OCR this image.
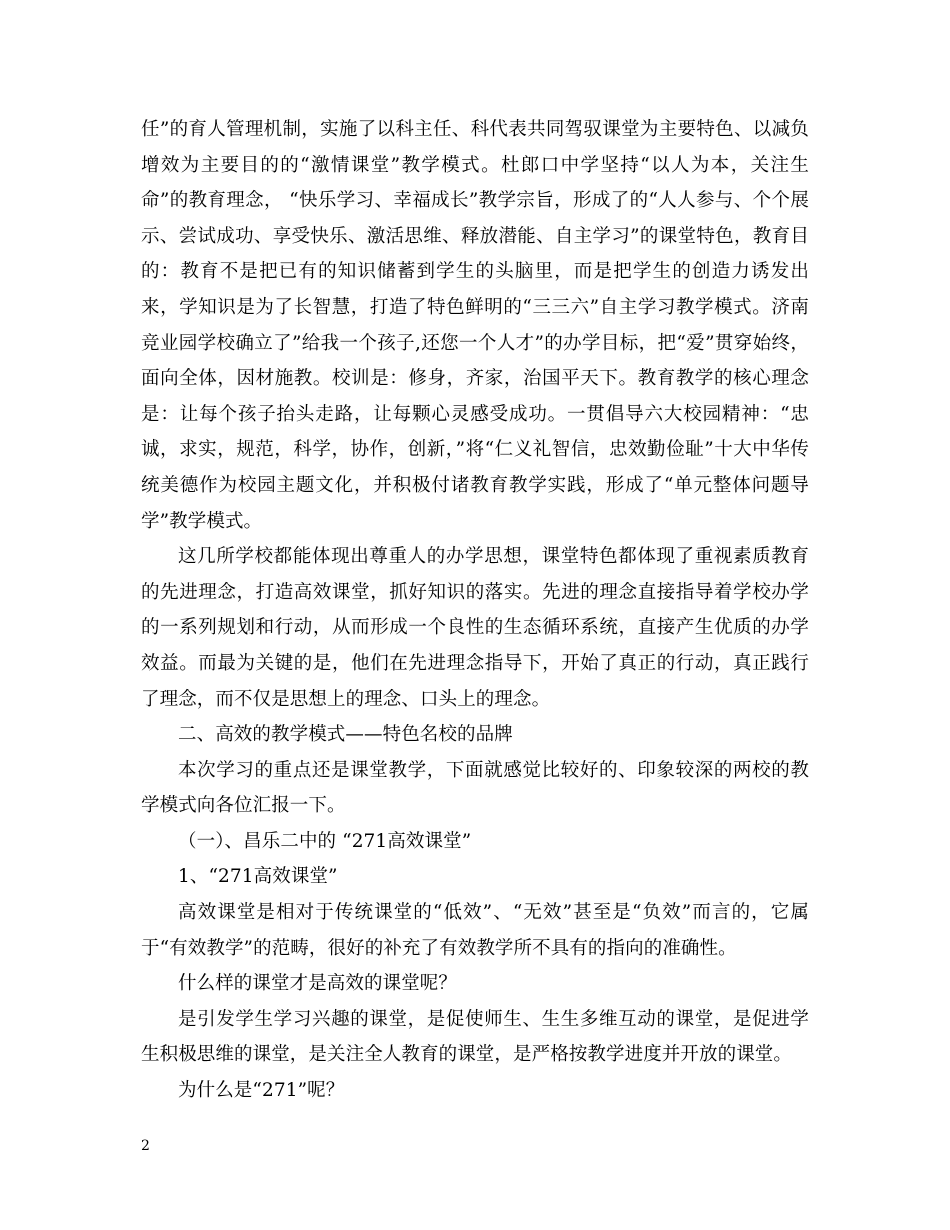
任”的育人管理机制，实施了以科主任、科代表共同驾驭课堂为主要特色、以减负增效为主要目的的“激情课堂”教学模式。杜郎口中学坚持“以人为本，关注生命”的教育理念， “快乐学习、幸福成长”教学宗旨，形成了的“人人参与、个个展示、尝试成功、享受快乐、激活思维、释放潜能、自主学习”的课堂特色，教育目的：教育不是把已有的知识储蓄到学生的头脑里，而是把学生的创造力诱发出来，学知识是为了长智慧，打造了特色鲜明的“三三六”自主学习教学模式。济南竞业园学校确立了”给我一个孩子,还您一个人才”的办学目标，把“爱”贯穿始终，面向全体，因材施教。校训是：修身，齐家，治国平天下。教育教学的核心理念是：让每个孩子抬头走路，让每颗心灵感受成功。一贯倡导六大校园精神：“忠诚，求实，规范，科学，协作，创新，”将“仁义礼智信，忠效勤俭耻”十大中华传统美德作为校园主题文化，并积极付诸教育教学实践，形成了“单元整体问题导学”教学模式。

这几所学校都能体现出尊重人的办学思想，课堂特色都体现了重视素质教育的先进理念，打造高效课堂，抓好知识的落实。先进的理念直接指导着学校办学的一系列规划和行动，从而形成一个良性的生态循环系统，直接产生优质的办学效益。而最为关键的是，他们在先进理念指导下，开始了真正的行动，真正践行了理念，而不仅是思想上的理念、口头上的理念。

二、高效的教学模式——特色名校的品牌

本次学习的重点还是课堂教学，下面就感觉比较好的、印象较深的两校的教学模式向各位汇报一下。

（一）、昌乐二中的 “271高效课堂”

1、“271高效课堂”

高效课堂是相对于传统课堂的“低效”、“无效”甚至是“负效”而言的，它属于“有效教学”的范畴，很好的补充了有效教学所不具有的指向的准确性。

什么样的课堂才是高效的课堂呢？

是引发学生学习兴趣的课堂，是促使师生、生生多维互动的课堂，是促进学生积极思维的课堂，是关注全人教育的课堂，是严格按教学进度并开放的课堂。

为什么是“271”呢？

2
